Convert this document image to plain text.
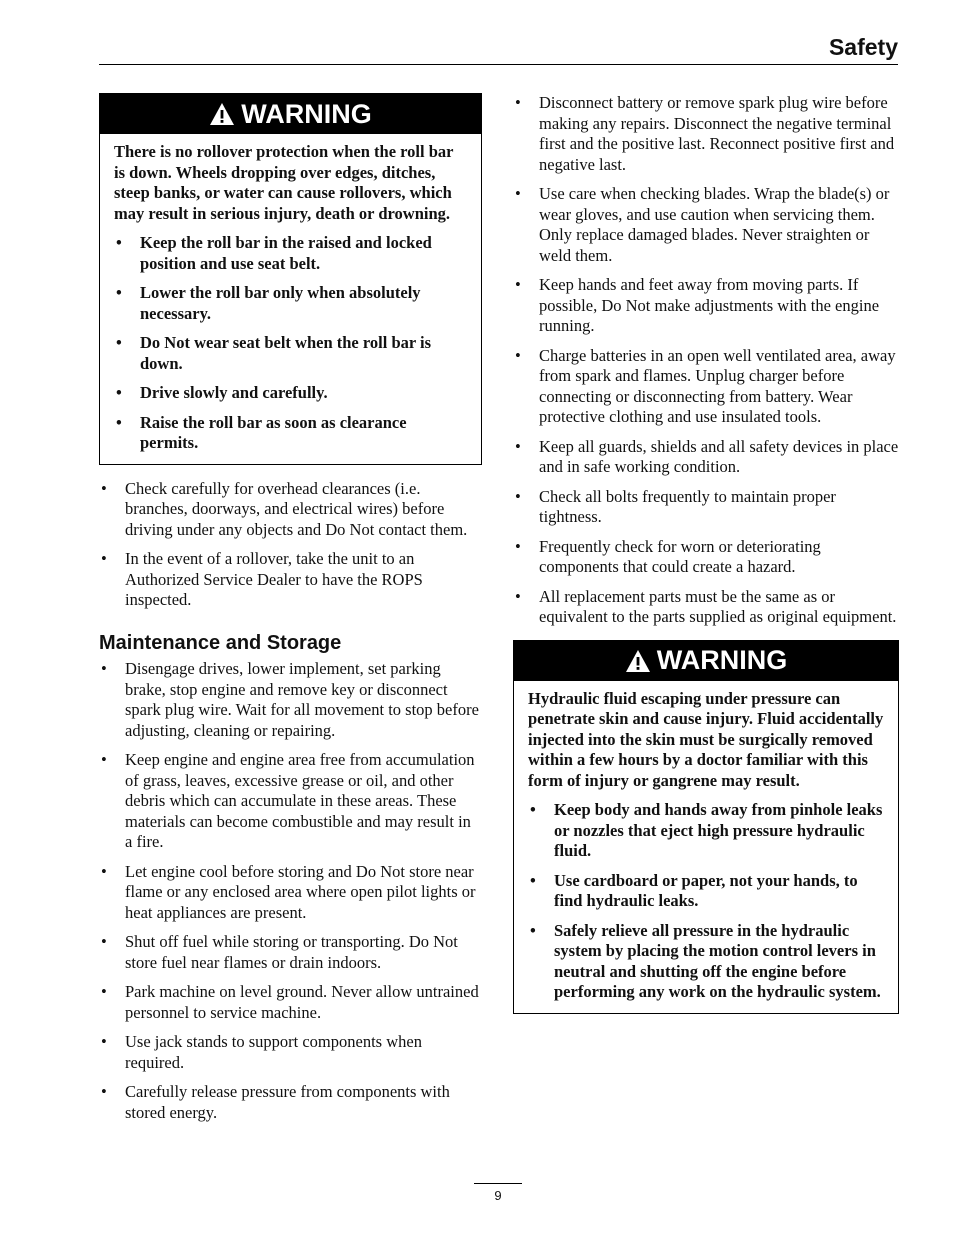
Safety
WARNING

There is no rollover protection when the roll bar is down. Wheels dropping over edges, ditches, steep banks, or water can cause rollovers, which may result in serious injury, death or drowning.

• Keep the roll bar in the raised and locked position and use seat belt.
• Lower the roll bar only when absolutely necessary.
• Do Not wear seat belt when the roll bar is down.
• Drive slowly and carefully.
• Raise the roll bar as soon as clearance permits.
• Check carefully for overhead clearances (i.e. branches, doorways, and electrical wires) before driving under any objects and Do Not contact them.
• In the event of a rollover, take the unit to an Authorized Service Dealer to have the ROPS inspected.
Maintenance and Storage
• Disengage drives, lower implement, set parking brake, stop engine and remove key or disconnect spark plug wire. Wait for all movement to stop before adjusting, cleaning or repairing.
• Keep engine and engine area free from accumulation of grass, leaves, excessive grease or oil, and other debris which can accumulate in these areas. These materials can become combustible and may result in a fire.
• Let engine cool before storing and Do Not store near flame or any enclosed area where open pilot lights or heat appliances are present.
• Shut off fuel while storing or transporting. Do Not store fuel near flames or drain indoors.
• Park machine on level ground. Never allow untrained personnel to service machine.
• Use jack stands to support components when required.
• Carefully release pressure from components with stored energy.
• Disconnect battery or remove spark plug wire before making any repairs. Disconnect the negative terminal first and the positive last. Reconnect positive first and negative last.
• Use care when checking blades. Wrap the blade(s) or wear gloves, and use caution when servicing them. Only replace damaged blades. Never straighten or weld them.
• Keep hands and feet away from moving parts. If possible, Do Not make adjustments with the engine running.
• Charge batteries in an open well ventilated area, away from spark and flames. Unplug charger before connecting or disconnecting from battery. Wear protective clothing and use insulated tools.
• Keep all guards, shields and all safety devices in place and in safe working condition.
• Check all bolts frequently to maintain proper tightness.
• Frequently check for worn or deteriorating components that could create a hazard.
• All replacement parts must be the same as or equivalent to the parts supplied as original equipment.
WARNING

Hydraulic fluid escaping under pressure can penetrate skin and cause injury. Fluid accidentally injected into the skin must be surgically removed within a few hours by a doctor familiar with this form of injury or gangrene may result.

• Keep body and hands away from pinhole leaks or nozzles that eject high pressure hydraulic fluid.
• Use cardboard or paper, not your hands, to find hydraulic leaks.
• Safely relieve all pressure in the hydraulic system by placing the motion control levers in neutral and shutting off the engine before performing any work on the hydraulic system.
9
